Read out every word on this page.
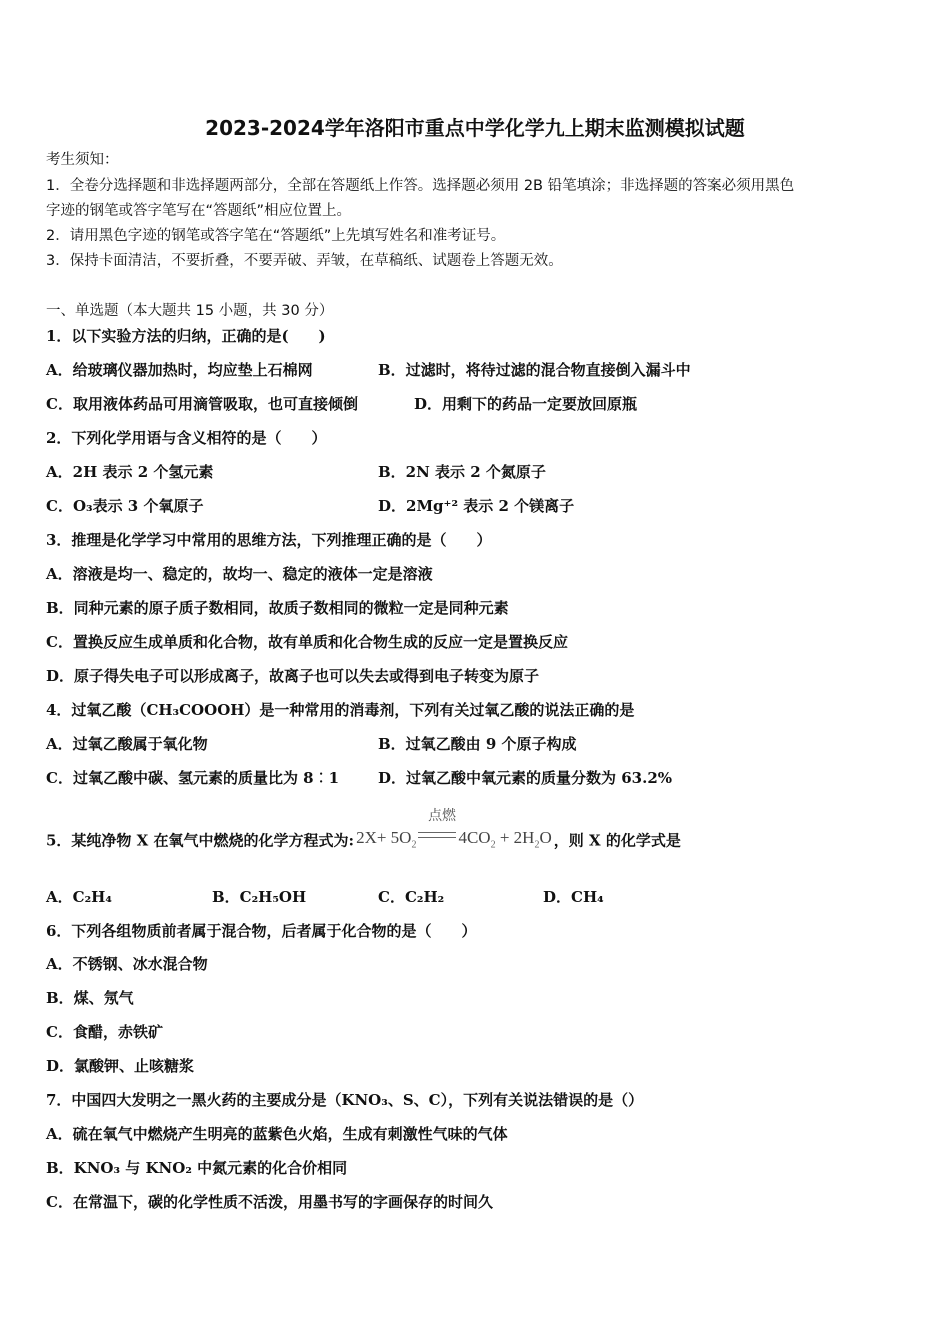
2023-2024学年洛阳市重点中学化学九上期末监测模拟试题
考生须知：
1．全卷分选择题和非选择题两部分，全部在答题纸上作答。选择题必须用 2B 铅笔填涂；非选择题的答案必须用黑色
字迹的钢笔或答字笔写在“答题纸”相应位置上。
2．请用黑色字迹的钢笔或答字笔在“答题纸”上先填写姓名和准考证号。
3．保持卡面清洁，不要折叠，不要弄破、弄皱，在草稿纸、试题卷上答题无效。
一、单选题（本大题共 15 小题，共 30 分）
1．以下实验方法的归纳，正确的是(　　)
A．给玻璃仪器加热时，均应垫上石棉网	B．过滤时，将待过滤的混合物直接倒入漏斗中
C．取用液体药品可用滴管吸取，也可直接倾倒	D．用剩下的药品一定要放回原瓶
2．下列化学用语与含义相符的是（　　）
A．2H 表示 2 个氢元素	B．2N 表示 2 个氮原子
C．O₃表示 3 个氧原子	D．2Mg⁺² 表示 2 个镁离子
3．推理是化学学习中常用的思维方法，下列推理正确的是（　　）
A．溶液是均一、稳定的，故均一、稳定的液体一定是溶液
B．同种元素的原子质子数相同，故质子数相同的微粒一定是同种元素
C．置换反应生成单质和化合物，故有单质和化合物生成的反应一定是置换反应
D．原子得失电子可以形成离子，故离子也可以失去或得到电子转变为原子
4．过氧乙酸（CH₃COOOH）是一种常用的消毒剂，下列有关过氧乙酸的说法正确的是
A．过氧乙酸属于氧化物	B．过氧乙酸由 9 个原子构成
C．过氧乙酸中碳、氢元素的质量比为 8︰1	D．过氧乙酸中氧元素的质量分数为 63.2%
5．某纯净物 X 在氧气中燃烧的化学方程式为: $2X+ 5O_2$
点燃
$4CO_2 + 2H_2O$ ，则 X 的化学式是
A．C₂H₄	B．C₂H₅OH	C．C₂H₂	D．CH₄
6．下列各组物质前者属于混合物，后者属于化合物的是（　　）
A．不锈钢、冰水混合物
B．煤、氖气
C．食醋，赤铁矿
D．氯酸钾、止咳糖浆
7．中国四大发明之一黑火药的主要成分是（KNO₃、S、C），下列有关说法错误的是（）
A．硫在氧气中燃烧产生明亮的蓝紫色火焰，生成有刺激性气味的气体
B．KNO₃ 与 KNO₂ 中氮元素的化合价相同
C．在常温下，碳的化学性质不活泼，用墨书写的字画保存的时间久
